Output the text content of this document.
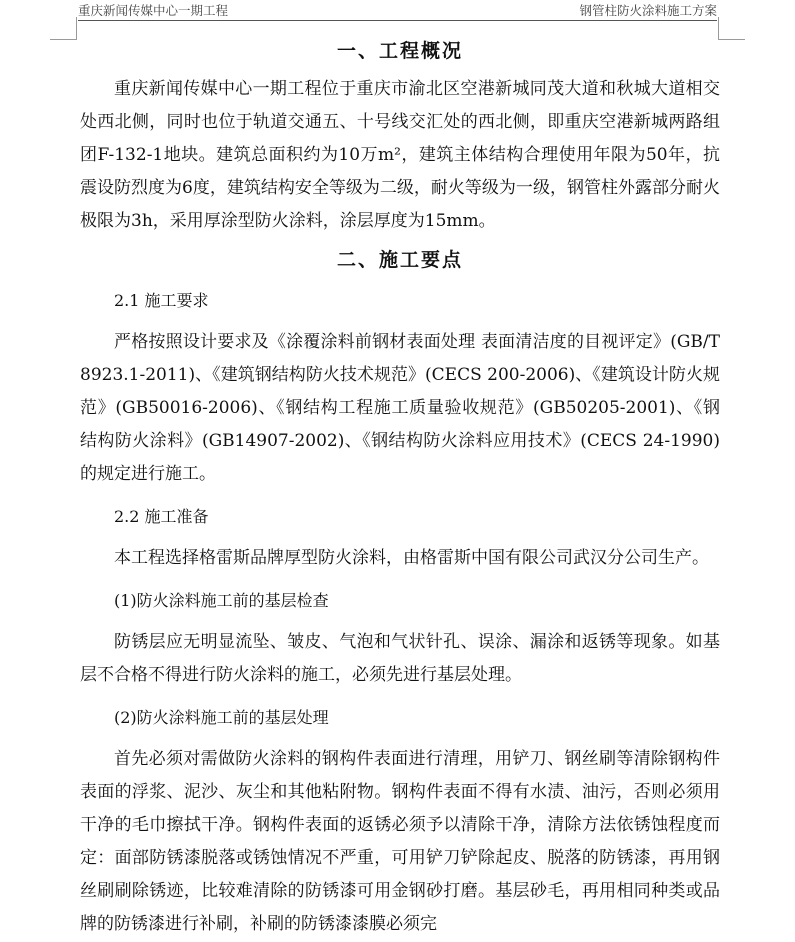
重庆新闻传媒中心一期工程	钢管柱防火涂料施工方案
一、工程概况

重庆新闻传媒中心一期工程位于重庆市渝北区空港新城同茂大道和秋城大道相交处西北侧，同时也位于轨道交通五、十号线交汇处的西北侧，即重庆空港新城两路组团F-132-1地块。建筑总面积约为10万m²，建筑主体结构合理使用年限为50年，抗震设防烈度为6度，建筑结构安全等级为二级，耐火等级为一级，钢管柱外露部分耐火极限为3h，采用厚涂型防火涂料，涂层厚度为15mm。

二、施工要点

2.1 施工要求

严格按照设计要求及《涂覆涂料前钢材表面处理 表面清洁度的目视评定》(GB/T 8923.1-2011)、《建筑钢结构防火技术规范》(CECS 200-2006)、《建筑设计防火规范》(GB50016-2006)、《钢结构工程施工质量验收规范》(GB50205-2001)、《钢结构防火涂料》(GB14907-2002)、《钢结构防火涂料应用技术》(CECS 24-1990)的规定进行施工。

2.2 施工准备

本工程选择格雷斯品牌厚型防火涂料，由格雷斯中国有限公司武汉分公司生产。

(1)防火涂料施工前的基层检查

防锈层应无明显流坠、皱皮、气泡和气状针孔、误涂、漏涂和返锈等现象。如基层不合格不得进行防火涂料的施工，必须先进行基层处理。

(2)防火涂料施工前的基层处理

首先必须对需做防火涂料的钢构件表面进行清理，用铲刀、钢丝刷等清除钢构件表面的浮浆、泥沙、灰尘和其他粘附物。钢构件表面不得有水渍、油污，否则必须用干净的毛巾擦拭干净。钢构件表面的返锈必须予以清除干净，清除方法依锈蚀程度而定：面部防锈漆脱落或锈蚀情况不严重，可用铲刀铲除起皮、脱落的防锈漆，再用钢丝刷刷除锈迹，比较难清除的防锈漆可用金钢砂打磨。基层砂毛，再用相同种类或品牌的防锈漆进行补刷，补刷的防锈漆漆膜必须完
